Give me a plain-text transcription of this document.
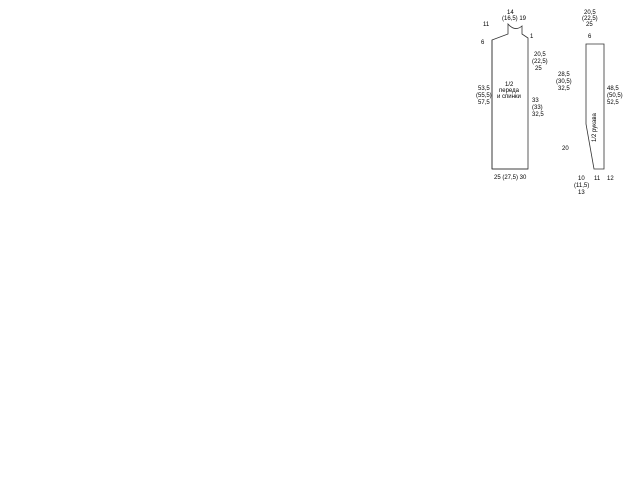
1/2
переда
и спинки
14
(16,5) 19
11
6
1
20,5
(22,5)
25
53,5
(55,5)
57,5	33
(33)
32,5
25 (27,5) 30
1/2 рукава
6
20,5
(22,5)
25
28,5
(30,5)
32,5	48,5
(50,5)
52,5
20
10
(11,5)
13
11 12
